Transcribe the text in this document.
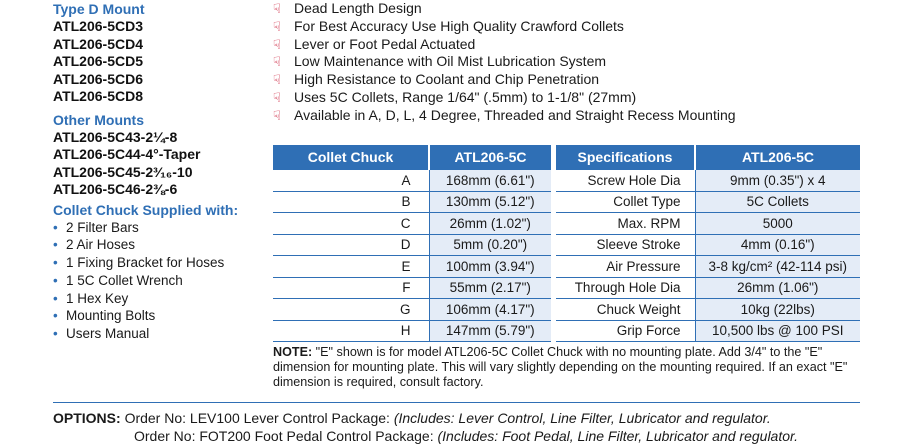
Type D Mount
ATL206-5CD3
ATL206-5CD4
ATL206-5CD5
ATL206-5CD6
ATL206-5CD8
Other Mounts
ATL206-5C43-2¼-8
ATL206-5C44-4°-Taper
ATL206-5C45-2³⁄₁₆-10
ATL206-5C46-2⅜-6
Collet Chuck Supplied with:
• 2 Filter Bars
• 2 Air Hoses
• 1 Fixing Bracket for Hoses
• 1 5C Collet Wrench
• 1 Hex Key
• Mounting Bolts
• Users Manual
☟ Dead Length Design
☟ For Best Accuracy Use High Quality Crawford Collets
☟ Lever or Foot Pedal Actuated
☟ Low Maintenance with Oil Mist Lubrication System
☟ High Resistance to Coolant and Chip Penetration
☟ Uses 5C Collets, Range 1/64" (.5mm) to 1-1/8" (27mm)
☟ Available in A, D, L, 4 Degree, Threaded and Straight Recess Mounting
Collet Chuck	ATL206-5C
A	168mm (6.61")
B	130mm (5.12")
C	26mm (1.02")
D	5mm (0.20")
E	100mm (3.94")
F	55mm (2.17")
G	106mm (4.17")
H	147mm (5.79")
Specifications	ATL206-5C
Screw Hole Dia	9mm (0.35") x 4
Collet Type	5C Collets
Max. RPM	5000
Sleeve Stroke	4mm (0.16")
Air Pressure	3-8 kg/cm² (42-114 psi)
Through Hole Dia	26mm (1.06")
Chuck Weight	10kg (22lbs)
Grip Force	10,500 lbs @ 100 PSI
NOTE: "E" shown is for model ATL206-5C Collet Chuck with no mounting plate. Add 3/4" to the "E" dimension for mounting plate. This will vary slightly depending on the mounting required. If an exact "E" dimension is required, consult factory.
OPTIONS: Order No: LEV100 Lever Control Package: (Includes: Lever Control, Line Filter, Lubricator and regulator.
Order No: FOT200 Foot Pedal Control Package: (Includes: Foot Pedal, Line Filter, Lubricator and regulator.
